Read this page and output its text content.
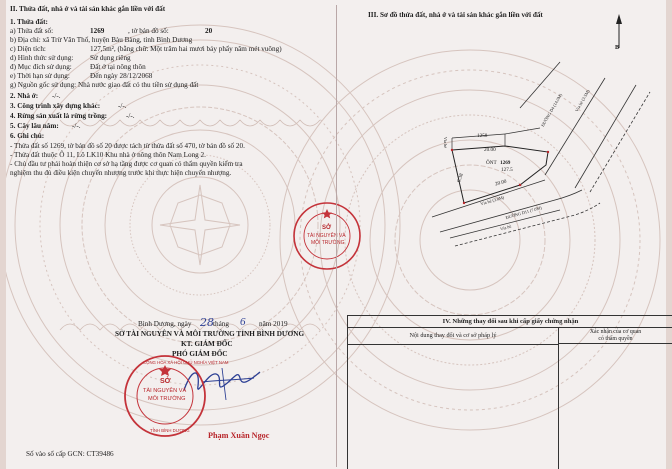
II. Thửa đất, nhà ở và tài sản khác gắn liền với đất
1. Thửa đất:
a) Thửa đất số:	1269	, tờ bản đồ số:	20
b) Địa chỉ: xã Trừ Văn Thố, huyện Bàu Bàng, tỉnh Bình Dương
c) Diện tích:	127,5m², (bằng chữ: Một trăm hai mươi bảy phẩy năm mét vuông)
d) Hình thức sử dụng: Sử dụng riêng
đ) Mục đích sử dụng:	Đất ở tại nông thôn
e) Thời hạn sử dụng:	Đến ngày 28/12/2068
g) Nguồn gốc sử dụng: Nhà nước giao đất có thu tiền sử dụng đất
2. Nhà ở: -/-.
3. Công trình xây dựng khác: -/-.
4. Rừng sản xuất là rừng trồng:	-/-.
5. Cây lâu năm: -/-.
6. Ghi chú:
- Thửa đất số 1269, tờ bản đồ số 20 được tách từ thửa đất số 470, tờ bản đồ số 20.
- Thửa đất thuộc Ô 11, Lô LK10 Khu nhà ở nông thôn Nam Long 2.
- Chủ đầu tư phải hoàn thiện cơ sở hạ tầng được cơ quan có thẩm quyền kiểm tra
nghiệm thu đủ điều kiện chuyển nhượng trước khi thực hiện chuyển nhượng.
Bình Dương, ngày 28 tháng 6 năm 2019
SỞ TÀI NGUYÊN VÀ MÔI TRƯỜNG TỈNH BÌNH DƯƠNG
KT. GIÁM ĐỐC
PHÓ GIÁM ĐỐC
Phạm Xuân Ngọc
Số vào sổ cấp GCN: CT39486
SỞ
TÀI NGUYÊN VÀ
MÔI TRƯỜNG
CỘNG HÒA XÃ HỘI CHỦ NGHĨA VIỆT NAM
TỈNH BÌNH DƯƠNG
SỞ
TÀI NGUYÊN VÀ
MÔI TRƯỜNG
III. Sơ đồ thửa đất, nhà ở và tài sản khác gắn liền với đất
B
1258
20.00
ÔNT 1269
127.5
6.38	20.00
ĐƯỜNG D4 (14.0M)	Vỉa hè (3.5M)
ĐƯỜNG D11 (7.0M)
Vỉa hè (3.0M)
Vỉa hè
Vỉa hè
IV. Những thay đổi sau khi cấp giấy chứng nhận
Nội dung thay đổi và cơ sở pháp lý	Xác nhận của cơ quan
có thẩm quyền
